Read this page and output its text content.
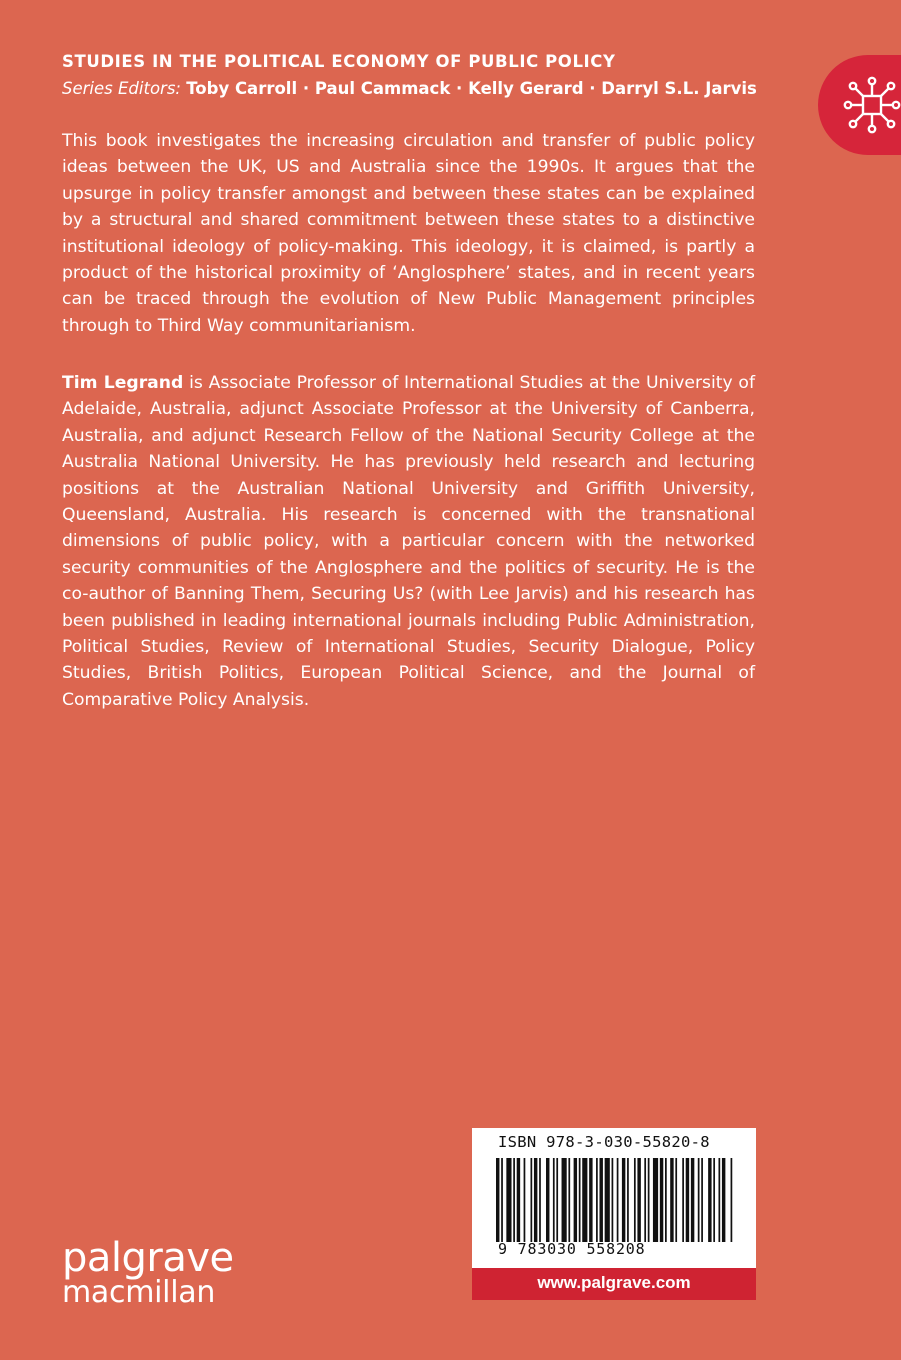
STUDIES IN THE POLITICAL ECONOMY OF PUBLIC POLICY
Series Editors: Toby Carroll · Paul Cammack · Kelly Gerard · Darryl S.L. Jarvis

This book investigates the increasing circulation and transfer of public policy ideas between the UK, US and Australia since the 1990s. It argues that the upsurge in policy transfer amongst and between these states can be explained by a structural and shared commitment between these states to a distinctive institutional ideology of policy-making. This ideology, it is claimed, is partly a product of the historical proximity of ‘Anglosphere’ states, and in recent years can be traced through the evolution of New Public Management principles through to Third Way communitarianism.

Tim Legrand is Associate Professor of International Studies at the University of Adelaide, Australia, adjunct Associate Professor at the University of Canberra, Australia, and adjunct Research Fellow of the National Security College at the Australia National University. He has previously held research and lecturing positions at the Australian National University and Griffith University, Queensland, Australia. His research is concerned with the transnational dimensions of public policy, with a particular concern with the networked security communities of the Anglosphere and the politics of security. He is the co-author of Banning Them, Securing Us? (with Lee Jarvis) and his research has been published in leading international journals including Public Administration, Political Studies, Review of International Studies, Security Dialogue, Policy Studies, British Politics, European Political Science, and the Journal of Comparative Policy Analysis.

palgrave
macmillan
ISBN 978-3-030-55820-8
9 783030 558208
www.palgrave.com
